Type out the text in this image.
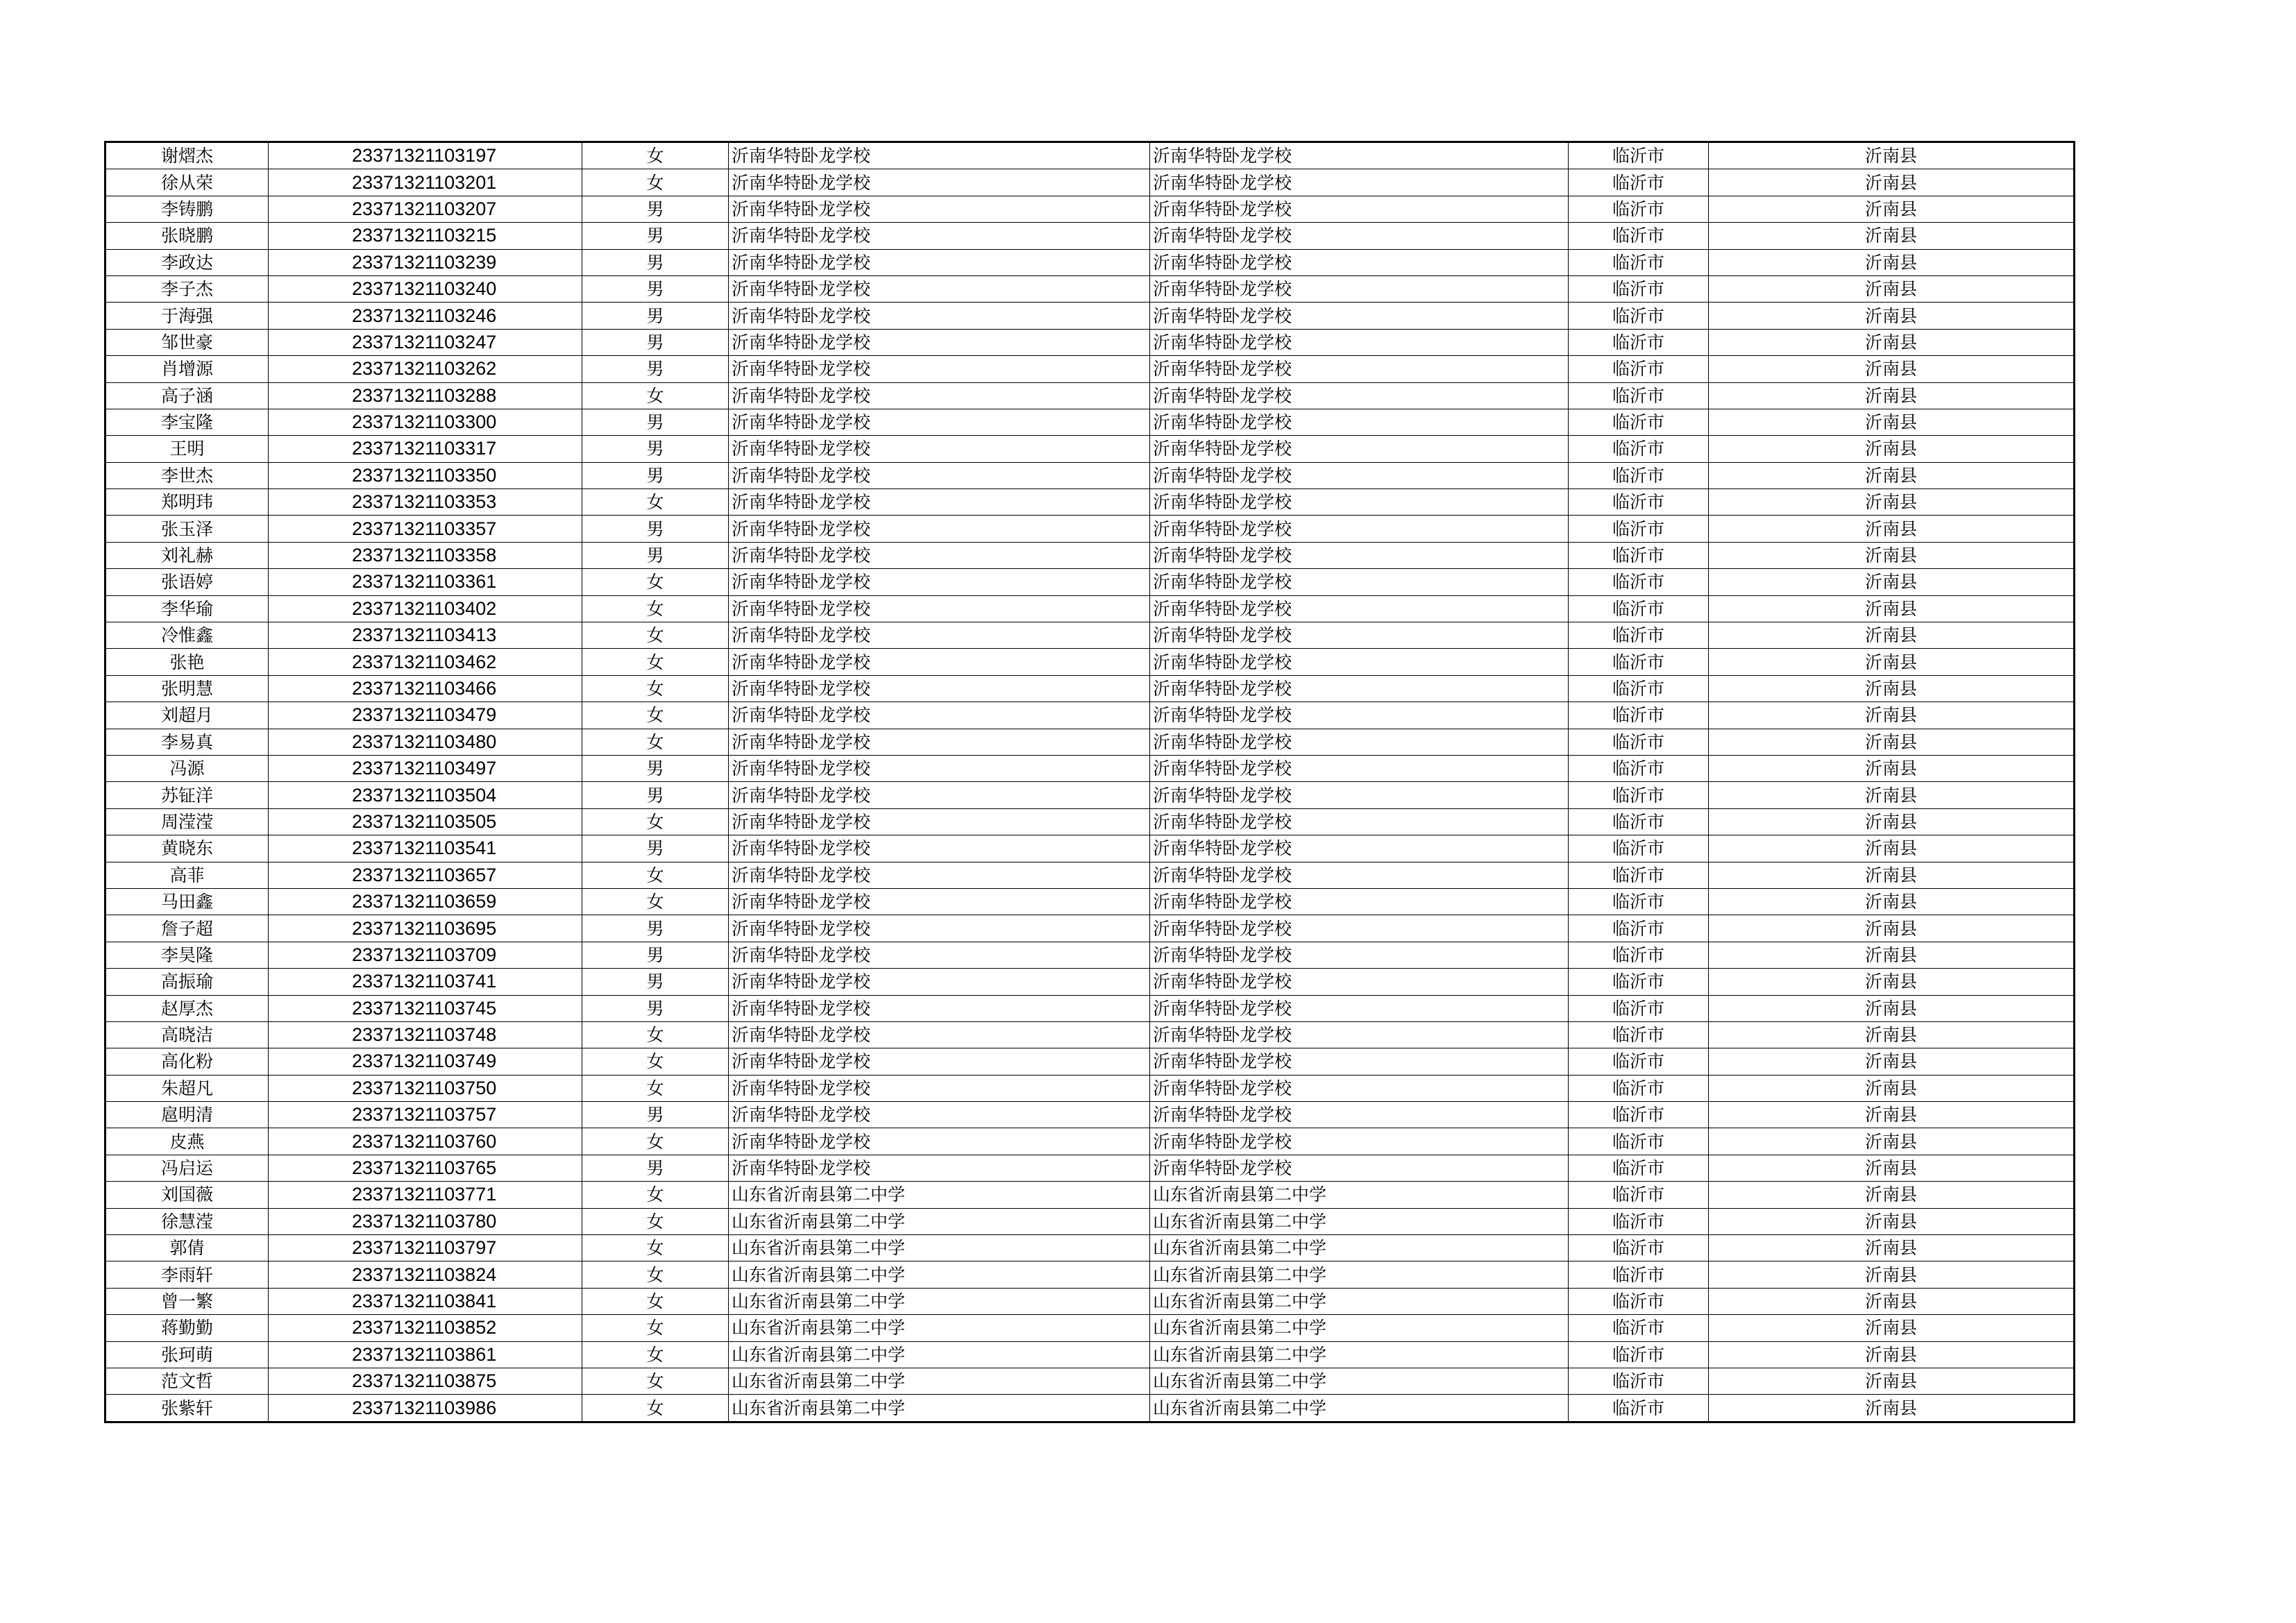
谢熠杰	23371321103197	女	沂南华特卧龙学校	沂南华特卧龙学校	临沂市	沂南县
徐从荣	23371321103201	女	沂南华特卧龙学校	沂南华特卧龙学校	临沂市	沂南县
李铸鹏	23371321103207	男	沂南华特卧龙学校	沂南华特卧龙学校	临沂市	沂南县
张晓鹏	23371321103215	男	沂南华特卧龙学校	沂南华特卧龙学校	临沂市	沂南县
李政达	23371321103239	男	沂南华特卧龙学校	沂南华特卧龙学校	临沂市	沂南县
李子杰	23371321103240	男	沂南华特卧龙学校	沂南华特卧龙学校	临沂市	沂南县
于海强	23371321103246	男	沂南华特卧龙学校	沂南华特卧龙学校	临沂市	沂南县
邹世豪	23371321103247	男	沂南华特卧龙学校	沂南华特卧龙学校	临沂市	沂南县
肖增源	23371321103262	男	沂南华特卧龙学校	沂南华特卧龙学校	临沂市	沂南县
高子涵	23371321103288	女	沂南华特卧龙学校	沂南华特卧龙学校	临沂市	沂南县
李宝隆	23371321103300	男	沂南华特卧龙学校	沂南华特卧龙学校	临沂市	沂南县
王明	23371321103317	男	沂南华特卧龙学校	沂南华特卧龙学校	临沂市	沂南县
李世杰	23371321103350	男	沂南华特卧龙学校	沂南华特卧龙学校	临沂市	沂南县
郑明玮	23371321103353	女	沂南华特卧龙学校	沂南华特卧龙学校	临沂市	沂南县
张玉泽	23371321103357	男	沂南华特卧龙学校	沂南华特卧龙学校	临沂市	沂南县
刘礼赫	23371321103358	男	沂南华特卧龙学校	沂南华特卧龙学校	临沂市	沂南县
张语婷	23371321103361	女	沂南华特卧龙学校	沂南华特卧龙学校	临沂市	沂南县
李华瑜	23371321103402	女	沂南华特卧龙学校	沂南华特卧龙学校	临沂市	沂南县
冷惟鑫	23371321103413	女	沂南华特卧龙学校	沂南华特卧龙学校	临沂市	沂南县
张艳	23371321103462	女	沂南华特卧龙学校	沂南华特卧龙学校	临沂市	沂南县
张明慧	23371321103466	女	沂南华特卧龙学校	沂南华特卧龙学校	临沂市	沂南县
刘超月	23371321103479	女	沂南华特卧龙学校	沂南华特卧龙学校	临沂市	沂南县
李易真	23371321103480	女	沂南华特卧龙学校	沂南华特卧龙学校	临沂市	沂南县
冯源	23371321103497	男	沂南华特卧龙学校	沂南华特卧龙学校	临沂市	沂南县
苏钲洋	23371321103504	男	沂南华特卧龙学校	沂南华特卧龙学校	临沂市	沂南县
周滢滢	23371321103505	女	沂南华特卧龙学校	沂南华特卧龙学校	临沂市	沂南县
黄晓东	23371321103541	男	沂南华特卧龙学校	沂南华特卧龙学校	临沂市	沂南县
高菲	23371321103657	女	沂南华特卧龙学校	沂南华特卧龙学校	临沂市	沂南县
马田鑫	23371321103659	女	沂南华特卧龙学校	沂南华特卧龙学校	临沂市	沂南县
詹子超	23371321103695	男	沂南华特卧龙学校	沂南华特卧龙学校	临沂市	沂南县
李昊隆	23371321103709	男	沂南华特卧龙学校	沂南华特卧龙学校	临沂市	沂南县
高振瑜	23371321103741	男	沂南华特卧龙学校	沂南华特卧龙学校	临沂市	沂南县
赵厚杰	23371321103745	男	沂南华特卧龙学校	沂南华特卧龙学校	临沂市	沂南县
高晓洁	23371321103748	女	沂南华特卧龙学校	沂南华特卧龙学校	临沂市	沂南县
高化粉	23371321103749	女	沂南华特卧龙学校	沂南华特卧龙学校	临沂市	沂南县
朱超凡	23371321103750	女	沂南华特卧龙学校	沂南华特卧龙学校	临沂市	沂南县
扈明清	23371321103757	男	沂南华特卧龙学校	沂南华特卧龙学校	临沂市	沂南县
皮燕	23371321103760	女	沂南华特卧龙学校	沂南华特卧龙学校	临沂市	沂南县
冯启运	23371321103765	男	沂南华特卧龙学校	沂南华特卧龙学校	临沂市	沂南县
刘国薇	23371321103771	女	山东省沂南县第二中学	山东省沂南县第二中学	临沂市	沂南县
徐慧滢	23371321103780	女	山东省沂南县第二中学	山东省沂南县第二中学	临沂市	沂南县
郭倩	23371321103797	女	山东省沂南县第二中学	山东省沂南县第二中学	临沂市	沂南县
李雨轩	23371321103824	女	山东省沂南县第二中学	山东省沂南县第二中学	临沂市	沂南县
曾一繁	23371321103841	女	山东省沂南县第二中学	山东省沂南县第二中学	临沂市	沂南县
蒋勤勤	23371321103852	女	山东省沂南县第二中学	山东省沂南县第二中学	临沂市	沂南县
张珂萌	23371321103861	女	山东省沂南县第二中学	山东省沂南县第二中学	临沂市	沂南县
范文哲	23371321103875	女	山东省沂南县第二中学	山东省沂南县第二中学	临沂市	沂南县
张紫轩	23371321103986	女	山东省沂南县第二中学	山东省沂南县第二中学	临沂市	沂南县
